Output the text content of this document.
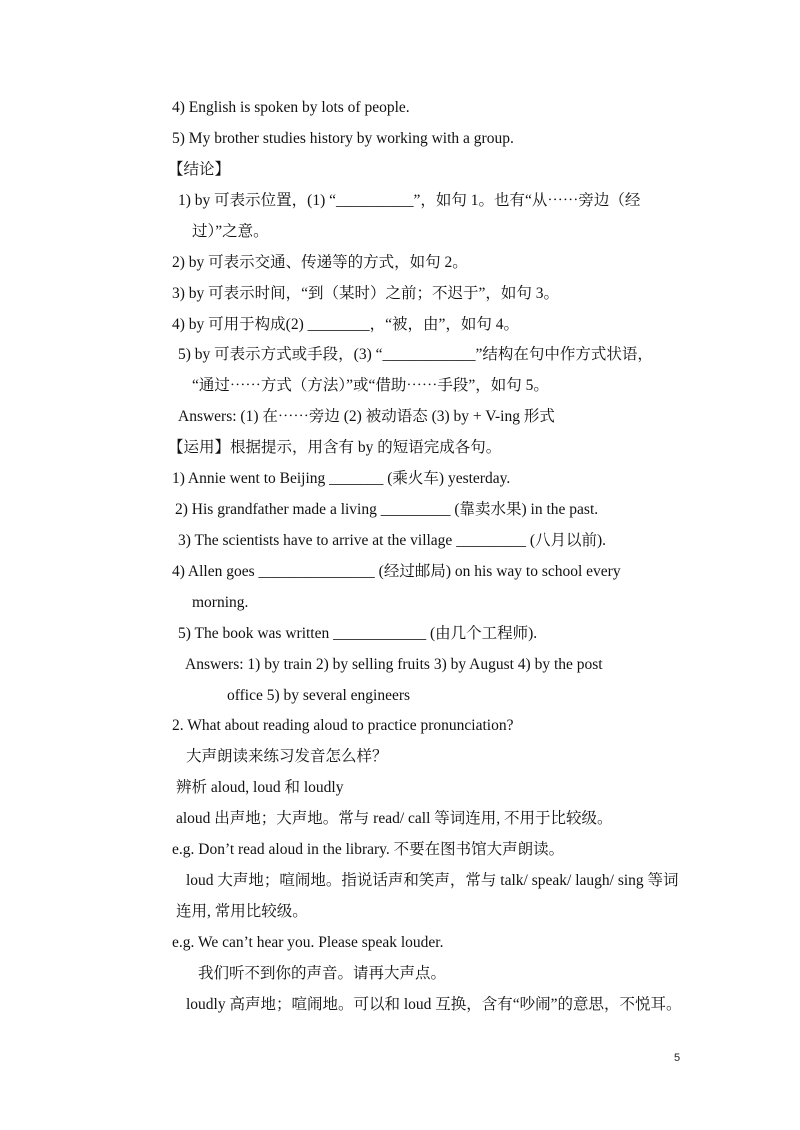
4) English is spoken by lots of people.
5) My brother studies history by working with a group.
【结论】
1) by 可表示位置，(1) “__________”，如句 1。也有“从⋯⋯旁边（经
过）”之意。
2) by 可表示交通、传递等的方式，如句 2。
3) by 可表示时间，“到（某时）之前；不迟于”，如句 3。
4) by 可用于构成(2) ________，“被，由”，如句 4。
5) by 可表示方式或手段，(3) “____________”结构在句中作方式状语，
“通过⋯⋯方式（方法）”或“借助⋯⋯手段”，如句 5。
Answers: (1) 在⋯⋯旁边 (2) 被动语态 (3) by + V-ing 形式
【运用】根据提示，用含有 by 的短语完成各句。
1) Annie went to Beijing _______ (乘火车) yesterday.
2) His grandfather made a living _________ (靠卖水果) in the past.
3) The scientists have to arrive at the village _________ (八月以前).
4) Allen goes _______________ (经过邮局) on his way to school every
morning.
5) The book was written ____________ (由几个工程师).
Answers: 1) by train 2) by selling fruits 3) by August 4) by the post
office 5) by several engineers
2. What about reading aloud to practice pronunciation?
大声朗读来练习发音怎么样？
辨析 aloud, loud 和 loudly
aloud 出声地；大声地。常与 read/ call 等词连用, 不用于比较级。
e.g. Don’t read aloud in the library. 不要在图书馆大声朗读。
loud 大声地；喧闹地。指说话声和笑声，常与 talk/ speak/ laugh/ sing 等词
连用, 常用比较级。
e.g. We can’t hear you. Please speak louder.
我们听不到你的声音。请再大声点。
loudly 高声地；喧闹地。可以和 loud 互换，含有“吵闹”的意思，不悦耳。
5
